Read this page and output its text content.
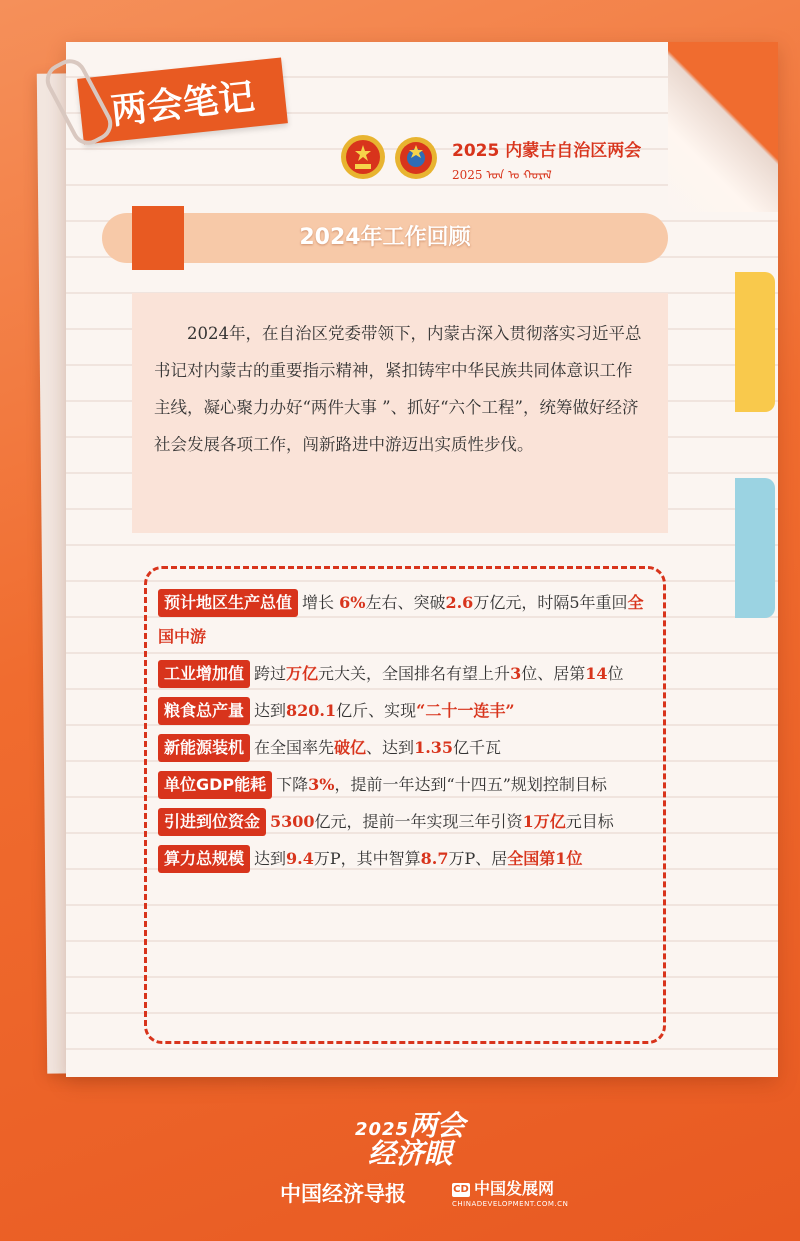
两会笔记
2025 内蒙古自治区两会
2025 ᠣᠨ ᠤ ᠬᠤᠷᠠᠯ
2024年工作回顾
2024年，在自治区党委带领下，内蒙古深入贯彻落实习近平总书记对内蒙古的重要指示精神，紧扣铸牢中华民族共同体意识工作主线，凝心聚力办好“两件大事 ”、抓好“六个工程”，统筹做好经济社会发展各项工作，闯新路进中游迈出实质性步伐。
预计地区生产总值 增长 6%左右、突破2.6万亿元，时隔5年重回全国中游
工业增加值 跨过万亿元大关，全国排名有望上升3位、居第14位
粮食总产量 达到820.1亿斤、实现“二十一连丰”
新能源装机 在全国率先破亿、达到1.35亿千瓦
单位GDP能耗 下降3%，提前一年达到“十四五”规划控制目标
引进到位资金 5300亿元，提前一年实现三年引资1万亿元目标
算力总规模 达到9.4万P，其中智算8.7万P、居全国第1位
2025两会
经济眼
中国经济导报	CD 中国发展网
CHINADEVELOPMENT.COM.CN
